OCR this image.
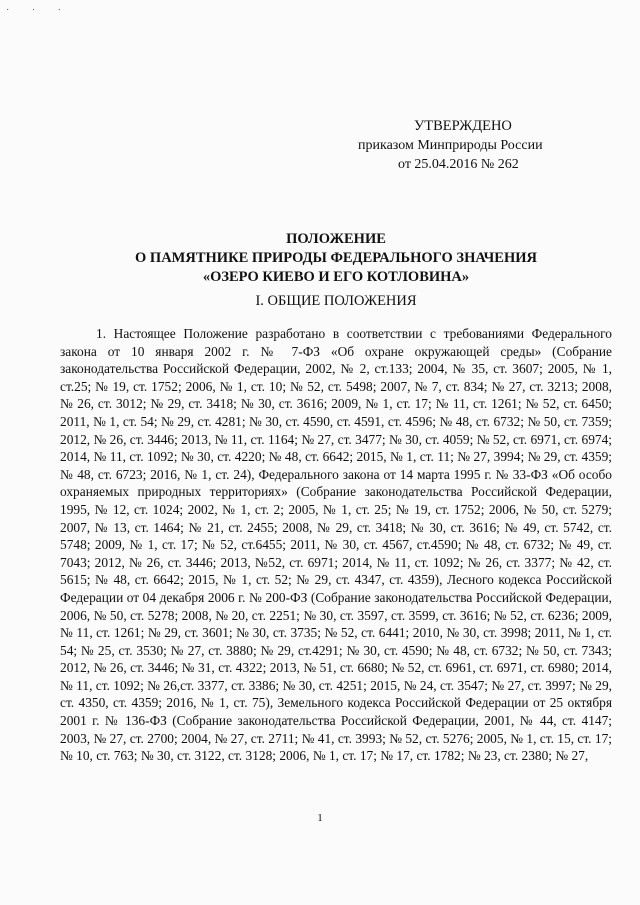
˙ ˙ ˙
УТВЕРЖДЕНО
приказом Минприроды России
от 25.04.2016 № 262
ПОЛОЖЕНИЕ
О ПАМЯТНИКЕ ПРИРОДЫ ФЕДЕРАЛЬНОГО ЗНАЧЕНИЯ
«ОЗЕРО КИЕВО И ЕГО КОТЛОВИНА»
I. ОБЩИЕ ПОЛОЖЕНИЯ

1. Настоящее Положение разработано в соответствии с требованиями Федерального закона от 10 января 2002 г. № 7-ФЗ «Об охране окружающей среды» (Собрание законодательства Российской Федерации, 2002, № 2, ст.133; 2004, № 35, ст. 3607; 2005, № 1, ст.25; № 19, ст. 1752; 2006, № 1, ст. 10; № 52, ст. 5498; 2007, № 7, ст. 834; № 27, ст. 3213; 2008, № 26, ст. 3012; № 29, ст. 3418; № 30, ст. 3616; 2009, № 1, ст. 17; № 11, ст. 1261; № 52, ст. 6450; 2011, № 1, ст. 54; № 29, ст. 4281; № 30, ст. 4590, ст. 4591, ст. 4596; № 48, ст. 6732; № 50, ст. 7359; 2012, № 26, ст. 3446; 2013, № 11, ст. 1164; № 27, ст. 3477; № 30, ст. 4059; № 52, ст. 6971, ст. 6974; 2014, № 11, ст. 1092; № 30, ст. 4220; № 48, ст. 6642; 2015, № 1, ст. 11; № 27, 3994; № 29, ст. 4359; № 48, ст. 6723; 2016, № 1, ст. 24), Федерального закона от 14 марта 1995 г. № 33-ФЗ «Об особо охраняемых природных территориях» (Собрание законодательства Российской Федерации, 1995, № 12, ст. 1024; 2002, № 1, ст. 2; 2005, № 1, ст. 25; № 19, ст. 1752; 2006, № 50, ст. 5279; 2007, № 13, ст. 1464; № 21, ст. 2455; 2008, № 29, ст. 3418; № 30, ст. 3616; № 49, ст. 5742, ст. 5748; 2009, № 1, ст. 17; № 52, ст.6455; 2011, № 30, ст. 4567, ст.4590; № 48, ст. 6732; № 49, ст. 7043; 2012, № 26, ст. 3446; 2013, №52, ст. 6971; 2014, № 11, ст. 1092; № 26, ст. 3377; № 42, ст. 5615; № 48, ст. 6642; 2015, № 1, ст. 52; № 29, ст. 4347, ст. 4359), Лесного кодекса Российской Федерации от 04 декабря 2006 г. № 200-ФЗ (Собрание законодательства Российской Федерации, 2006, № 50, ст. 5278; 2008, № 20, ст. 2251; № 30, ст. 3597, ст. 3599, ст. 3616; № 52, ст. 6236; 2009, № 11, ст. 1261; № 29, ст. 3601; № 30, ст. 3735; № 52, ст. 6441; 2010, № 30, ст. 3998; 2011, № 1, ст. 54; № 25, ст. 3530; № 27, ст. 3880; № 29, ст.4291; № 30, ст. 4590; № 48, ст. 6732; № 50, ст. 7343; 2012, № 26, ст. 3446; № 31, ст. 4322; 2013, № 51, ст. 6680; № 52, ст. 6961, ст. 6971, ст. 6980; 2014, № 11, ст. 1092; № 26,ст. 3377, ст. 3386; № 30, ст. 4251; 2015, № 24, ст. 3547; № 27, ст. 3997; № 29, ст. 4350, ст. 4359; 2016, № 1, ст. 75), Земельного кодекса Российской Федерации от 25 октября 2001 г. № 136-ФЗ (Собрание законодательства Российской Федерации, 2001, № 44, ст. 4147; 2003, № 27, ст. 2700; 2004, № 27, ст. 2711; № 41, ст. 3993; № 52, ст. 5276; 2005, № 1, ст. 15, ст. 17; № 10, ст. 763; № 30, ст. 3122, ст. 3128; 2006, № 1, ст. 17; № 17, ст. 1782; № 23, ст. 2380; № 27,

1
